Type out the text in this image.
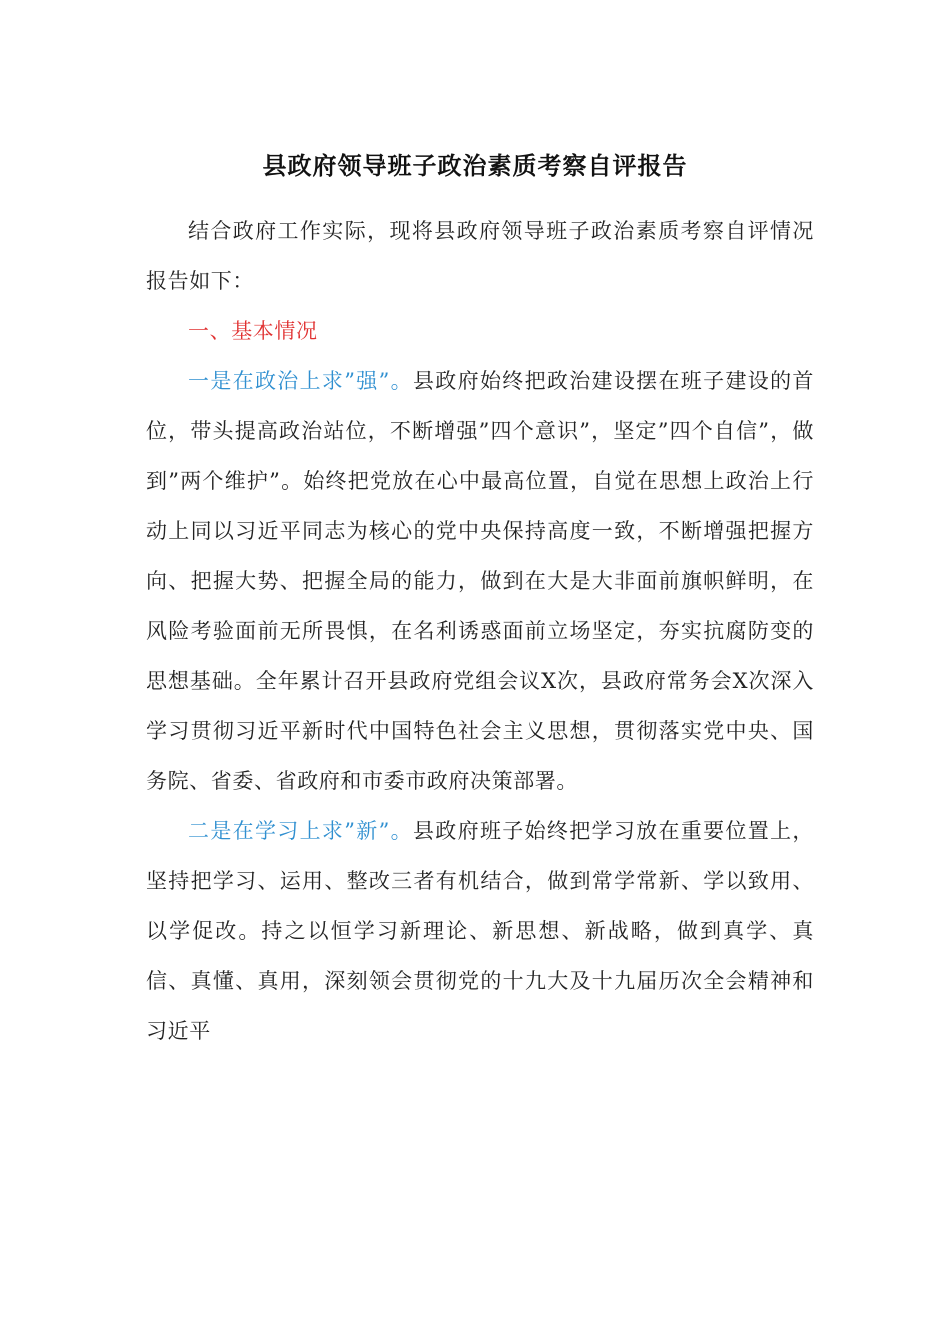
县政府领导班子政治素质考察自评报告

结合政府工作实际，现将县政府领导班子政治素质考察自评情况报告如下：

一、基本情况

一是在政治上求”强”。县政府始终把政治建设摆在班子建设的首位，带头提高政治站位，不断增强”四个意识”，坚定”四个自信”，做到”两个维护”。始终把党放在心中最高位置，自觉在思想上政治上行动上同以习近平同志为核心的党中央保持高度一致，不断增强把握方向、把握大势、把握全局的能力，做到在大是大非面前旗帜鲜明，在风险考验面前无所畏惧，在名利诱惑面前立场坚定，夯实抗腐防变的思想基础。全年累计召开县政府党组会议X次，县政府常务会X次深入学习贯彻习近平新时代中国特色社会主义思想，贯彻落实党中央、国务院、省委、省政府和市委市政府决策部署。

二是在学习上求”新”。县政府班子始终把学习放在重要位置上，坚持把学习、运用、整改三者有机结合，做到常学常新、学以致用、以学促改。持之以恒学习新理论、新思想、新战略，做到真学、真信、真懂、真用，深刻领会贯彻党的十九大及十九届历次全会精神和习近平
